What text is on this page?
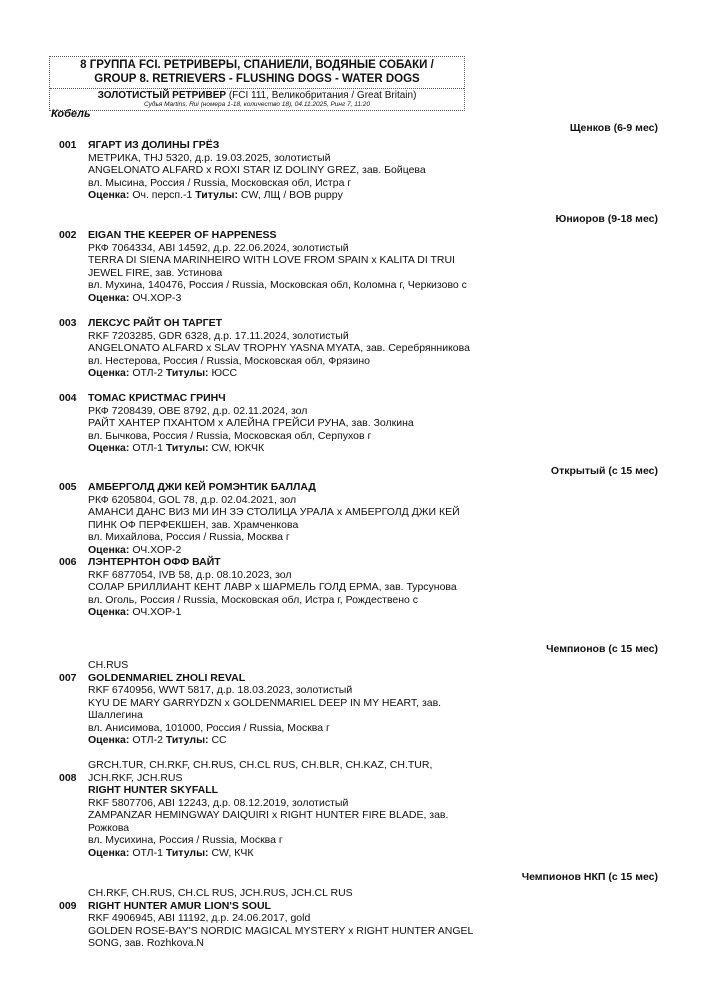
8 ГРУППА FCI. РЕТРИВЕРЫ, СПАНИЕЛИ, ВОДЯНЫЕ СОБАКИ /
GROUP 8. RETRIEVERS - FLUSHING DOGS - WATER DOGS
ЗОЛОТИСТЫЙ РЕТРИВЕР (FCI 111, Великобритания / Great Britain)
Судья Martins, Rui (номера 1-18, количество 18), 04.11.2025, Ринг 7, 11:20
Кобель
Щенков (6-9 мес)
001 ЯГАРТ ИЗ ДОЛИНЫ ГРЁЗ
МЕТРИКА, THJ 5320, д.р. 19.03.2025, золотистый
ANGELONATO ALFARD x ROXI STAR IZ DOLINY GREZ, зав. Бойцева
вл. Мысина, Россия / Russia, Московская обл, Истра г
Оценка: Оч. персп.-1 Титулы: CW, ЛЩ / BOB puppy
Юниоров (9-18 мес)
002 EIGAN THE KEEPER OF HAPPENESS
РКФ 7064334, ABI 14592, д.р. 22.06.2024, золотистый
TERRA DI SIENA MARINHEIRO WITH LOVE FROM SPAIN x KALITA DI TRUI JEWEL FIRE, зав. Устинова
вл. Мухина, 140476, Россия / Russia, Московская обл, Коломна г, Черкизово с
Оценка: ОЧ.ХОР-3
003 ЛЕКСУС РАЙТ ОН ТАРГЕТ
RKF 7203285, GDR 6328, д.р. 17.11.2024, золотистый
ANGELONATO ALFARD x SLAV TROPHY YASNA MYATA, зав. Серебрянникова
вл. Нестерова, Россия / Russia, Московская обл, Фрязино
Оценка: ОТЛ-2 Титулы: ЮСС
004 ТОМАС КРИСТМАС ГРИНЧ
РКФ 7208439, OBE 8792, д.р. 02.11.2024, зол
РАЙТ ХАНТЕР ПХАНТОМ x АЛЕЙНА ГРЕЙСИ РУНА, зав. Золкина
вл. Бычкова, Россия / Russia, Московская обл, Серпухов г
Оценка: ОТЛ-1 Титулы: CW, ЮКЧК
Открытый (с 15 мес)
005 АМБЕРГОЛД ДЖИ КЕЙ РОМЭНТИК БАЛЛАД
РКФ 6205804, GOL 78, д.р. 02.04.2021, зол
АМАНСИ ДАНС ВИЗ МИ ИН ЗЭ СТОЛИЦА УРАЛА x АМБЕРГОЛД ДЖИ КЕЙ ПИНК ОФ ПЕРФЕКШЕН, зав. Храмченкова
вл. Михайлова, Россия / Russia, Москва г
Оценка: ОЧ.ХОР-2
006 ЛЭНТЕРНТОН ОФФ ВАЙТ
RKF 6877054, IVB 58, д.р. 08.10.2023, зол
СОЛАР БРИЛЛИАНТ КЕНТ ЛАВР x ШАРМЕЛЬ ГОЛД ЕРМА, зав. Турсунова
вл. Оголь, Россия / Russia, Московская обл, Истра г, Рождествено с
Оценка: ОЧ.ХОР-1
Чемпионов (с 15 мес)
CH.RUS
007 GOLDENMARIEL ZHOLI REVAL
RKF 6740956, WWT 5817, д.р. 18.03.2023, золотистый
KYU DE MARY GARRYDZN x GOLDENMARIEL DEEP IN MY HEART, зав. Шаллегина
вл. Анисимова, 101000, Россия / Russia, Москва г
Оценка: ОТЛ-2 Титулы: CC
008
GRCH.TUR, CH.RKF, CH.RUS, CH.CL RUS, CH.BLR, CH.KAZ, CH.TUR, JCH.RKF, JCH.RUS
RIGHT HUNTER SKYFALL
RKF 5807706, ABI 12243, д.р. 08.12.2019, золотистый
ZAMPANZAR HEMINGWAY DAIQUIRI x RIGHT HUNTER FIRE BLADE, зав. Рожкова
вл. Мусихина, Россия / Russia, Москва г
Оценка: ОТЛ-1 Титулы: CW, КЧК
Чемпионов НКП (с 15 мес)
009
CH.RKF, CH.RUS, CH.CL RUS, JCH.RUS, JCH.CL RUS
RIGHT HUNTER AMUR LION'S SOUL
RKF 4906945, ABI 11192, д.р. 24.06.2017, gold
GOLDEN ROSE-BAY'S NORDIC MAGICAL MYSTERY x RIGHT HUNTER ANGEL SONG, зав. Rozhkova.N
